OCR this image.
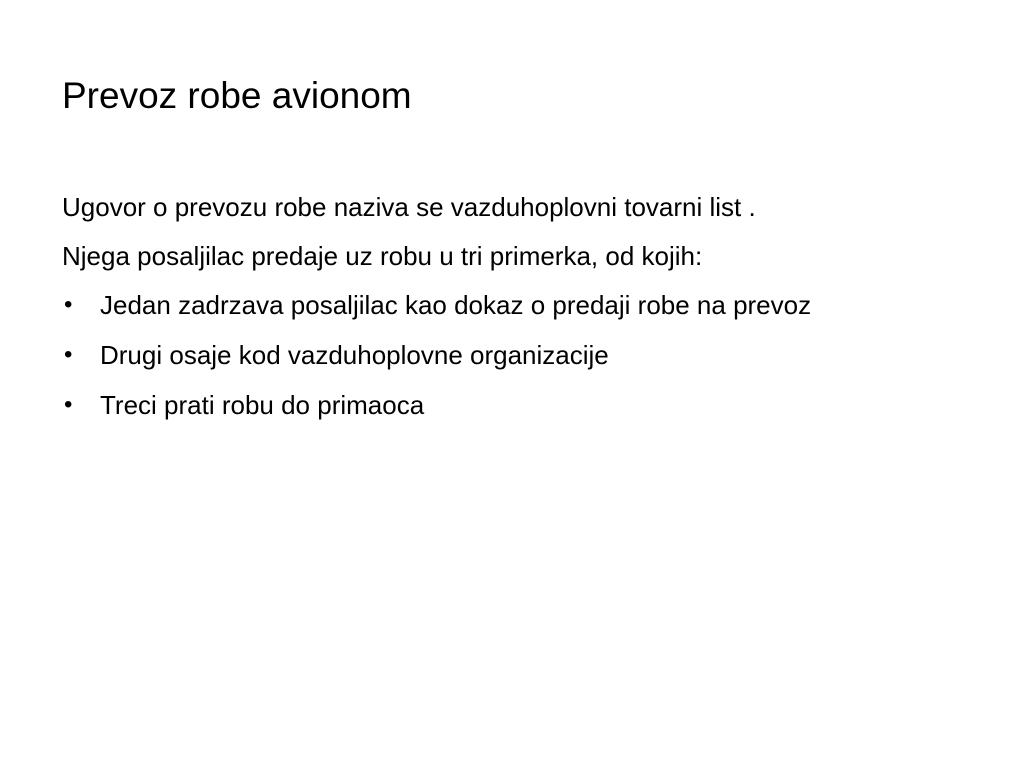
Prevoz robe avionom
Ugovor o prevozu robe naziva se vazduhoplovni tovarni list .
Njega posaljilac predaje uz robu u tri primerka, od kojih:
• Jedan zadrzava posaljilac kao dokaz o predaji robe na prevoz
• Drugi osaje kod vazduhoplovne organizacije
• Treci prati robu do primaoca
